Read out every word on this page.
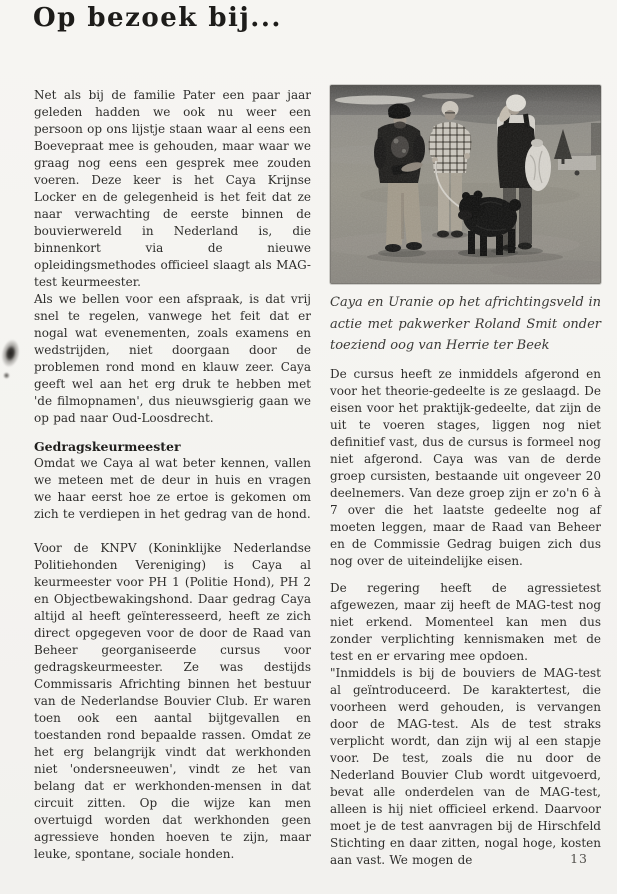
Op bezoek bij...

Net als bij de familie Pater een paar jaar geleden hadden we ook nu weer een persoon op ons lijstje staan waar al eens een Boevepraat mee is gehouden, maar waar we graag nog eens een gesprek mee zouden voeren. Deze keer is het Caya Krijnse Locker en de gelegenheid is het feit dat ze naar verwachting de eerste binnen de bouvierwereld in Nederland is, die binnenkort via de nieuwe opleidingsmethodes officieel slaagt als MAG-test keurmeester.

Als we bellen voor een afspraak, is dat vrij snel te regelen, vanwege het feit dat er nogal wat evenementen, zoals examens en wedstrijden, niet doorgaan door de problemen rond mond en klauw zeer. Caya geeft wel aan het erg druk te hebben met 'de filmopnamen', dus nieuwsgierig gaan we op pad naar Oud-Loosdrecht.

Gedragskeurmeester

Omdat we Caya al wat beter kennen, vallen we meteen met de deur in huis en vragen we haar eerst hoe ze ertoe is gekomen om zich te verdiepen in het gedrag van de hond.

Voor de KNPV (Koninklijke Nederlandse Politiehonden Vereniging) is Caya al keurmeester voor PH 1 (Politie Hond), PH 2 en Objectbewakingshond. Daar gedrag Caya altijd al heeft geïnteresseerd, heeft ze zich direct opgegeven voor de door de Raad van Beheer georganiseerde cursus voor gedragskeurmeester. Ze was destijds Commissaris Africhting binnen het bestuur van de Nederlandse Bouvier Club. Er waren toen ook een aantal bijtgevallen en toestanden rond bepaalde rassen. Omdat ze het erg belangrijk vindt dat werkhonden niet 'ondersneeuwen', vindt ze het van belang dat er werkhonden-mensen in dat circuit zitten. Op die wijze kan men overtuigd worden dat werkhonden geen agressieve honden hoeven te zijn, maar leuke, spontane, sociale honden.

Caya en Uranie op het africhtingsveld in actie met pakwerker Roland Smit onder toeziend oog van Herrie ter Beek

De cursus heeft ze inmiddels afgerond en voor het theorie-gedeelte is ze geslaagd. De eisen voor het praktijk-gedeelte, dat zijn de uit te voeren stages, liggen nog niet definitief vast, dus de cursus is formeel nog niet afgerond. Caya was van de derde groep cursisten, bestaande uit ongeveer 20 deelnemers. Van deze groep zijn er zo'n 6 à 7 over die het laatste gedeelte nog af moeten leggen, maar de Raad van Beheer en de Commissie Gedrag buigen zich dus nog over de uiteindelijke eisen.

De regering heeft de agressietest afgewezen, maar zij heeft de MAG-test nog niet erkend. Momenteel kan men dus zonder verplichting kennismaken met de test en er ervaring mee opdoen.

"Inmiddels is bij de bouviers de MAG-test al geïntroduceerd. De karaktertest, die voorheen werd gehouden, is vervangen door de MAG-test. Als de test straks verplicht wordt, dan zijn wij al een stapje voor. De test, zoals die nu door de Nederland Bouvier Club wordt uitgevoerd, bevat alle onderdelen van de MAG-test, alleen is hij niet officieel erkend. Daarvoor moet je de test aanvragen bij de Hirschfeld Stichting en daar zitten, nogal hoge, kosten aan vast. We mogen de	13
